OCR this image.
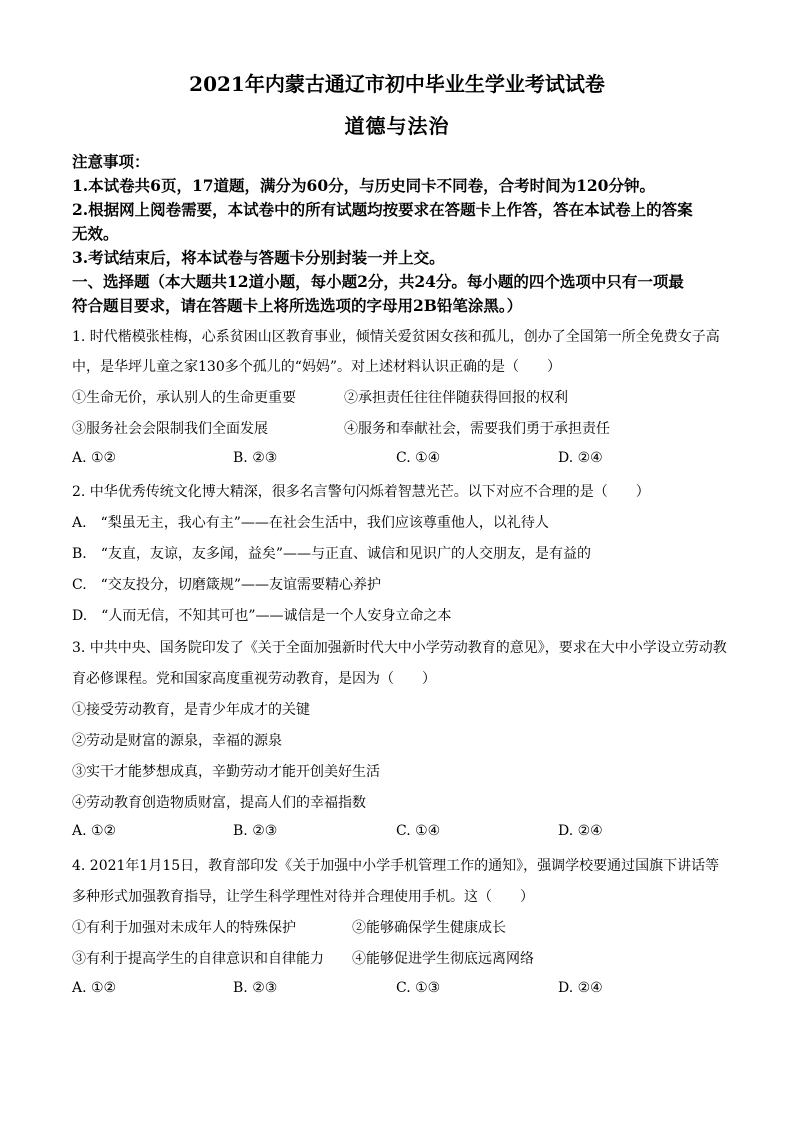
2021年内蒙古通辽市初中毕业生学业考试试卷
道德与法治
注意事项：
1.本试卷共6页，17道题，满分为60分，与历史同卡不同卷，合考时间为120分钟。
2.根据网上阅卷需要，本试卷中的所有试题均按要求在答题卡上作答，答在本试卷上的答案
无效。
3.考试结束后，将本试卷与答题卡分别封装一并上交。
一、选择题（本大题共12道小题，每小题2分，共24分。每小题的四个选项中只有一项最
符合题目要求，请在答题卡上将所选选项的字母用2B铅笔涂黑。）
1. 时代楷模张桂梅，心系贫困山区教育事业，倾情关爱贫困女孩和孤儿，创办了全国第一所全免费女子高
中，是华坪儿童之家130多个孤儿的“妈妈”。对上述材料认识正确的是（　　）
①生命无价，承认别人的生命更重要	②承担责任往往伴随获得回报的权利
③服务社会会限制我们全面发展	④服务和奉献社会，需要我们勇于承担责任
A. ①②	B. ②③	C. ①④	D. ②④
2. 中华优秀传统文化博大精深，很多名言警句闪烁着智慧光芒。以下对应不合理的是（　　）
A.　“梨虽无主，我心有主”——在社会生活中，我们应该尊重他人，以礼待人
B.　“友直，友谅，友多闻，益矣”——与正直、诚信和见识广的人交朋友，是有益的
C.　“交友投分，切磨箴规”——友谊需要精心养护
D.　“人而无信，不知其可也”——诚信是一个人安身立命之本
3. 中共中央、国务院印发了《关于全面加强新时代大中小学劳动教育的意见》，要求在大中小学设立劳动教
育必修课程。党和国家高度重视劳动教育，是因为（　　）
①接受劳动教育，是青少年成才的关键
②劳动是财富的源泉，幸福的源泉
③实干才能梦想成真，辛勤劳动才能开创美好生活
④劳动教育创造物质财富，提高人们的幸福指数
A. ①②	B. ②③	C. ①④	D. ②④
4. 2021年1月15日，教育部印发《关于加强中小学手机管理工作的通知》，强调学校要通过国旗下讲话等
多种形式加强教育指导，让学生科学理性对待并合理使用手机。这（　　）
①有利于加强对未成年人的特殊保护	②能够确保学生健康成长
③有利于提高学生的自律意识和自律能力 ④能够促进学生彻底远离网络
A. ①②	B. ②③	C. ①③	D. ②④
